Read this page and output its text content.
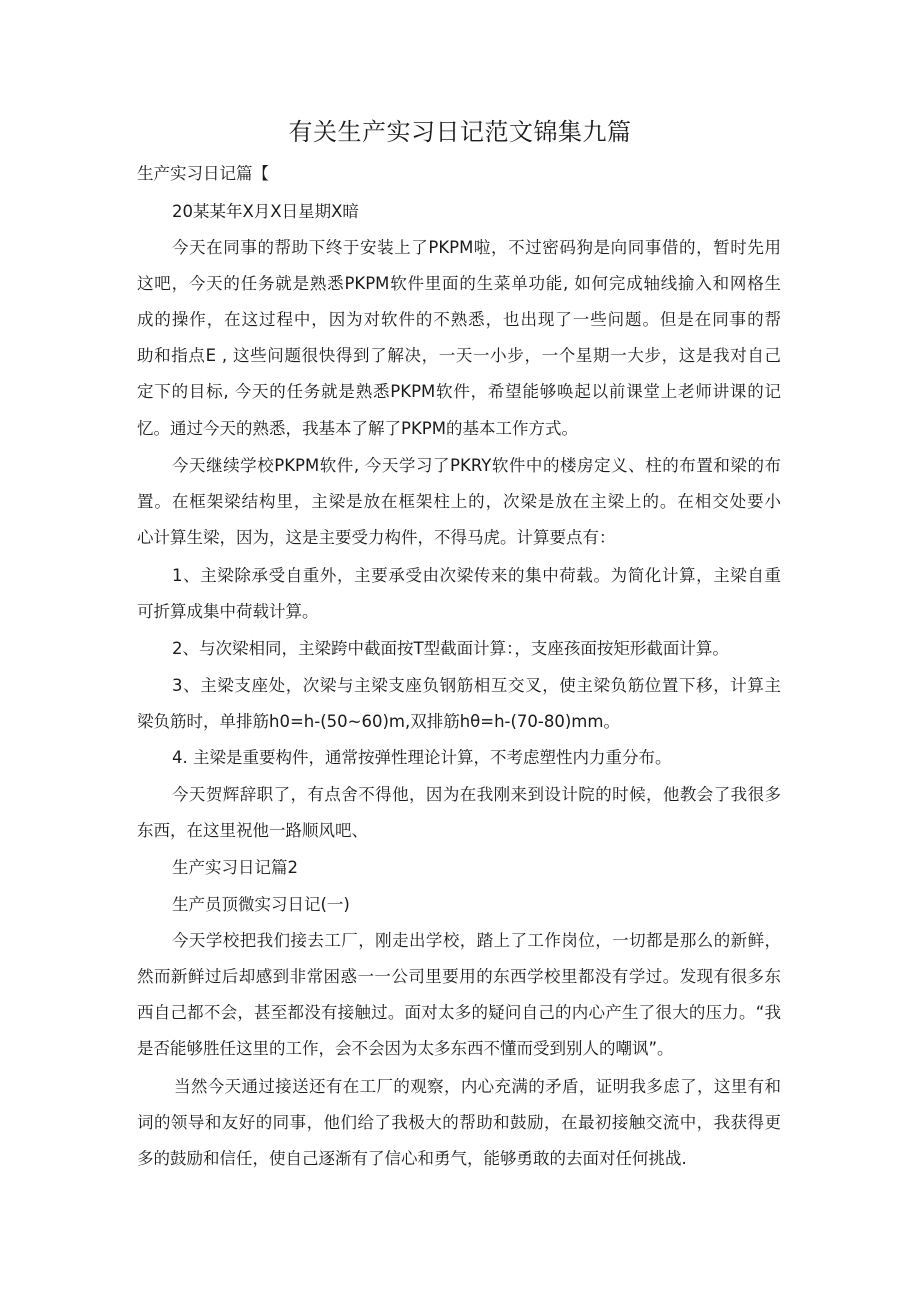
有关生产实习日记范文锦集九篇

生产实习日记篇【

20某某年X月X日星期X暗

今天在同事的帮助下终于安装上了PKPM啦，不过密码狗是向同事借的，暂时先用

这吧，今天的任务就是熟悉PKPM软件里面的生菜单功能, 如何完成轴线揄入和网格生

成的操作，在这过程中，因为对软件的不熟悉，也出现了一些问题。但是在同事的帮

助和指点E , 这些问题很快得到了解决，一天一小步，一个星期一大步，这是我对自己

定下的目标, 今天的任务就是熟悉PKPM软件，希望能够唤起以前课堂上老师讲课的记

忆。通过今天的熟悉，我基本了解了PKPM的基本工作方式。

今天继续学校PKPM软件, 今天学习了PKRY软件中的楼房定义、柱的布置和梁的布

置。在框架梁结构里，主梁是放在框架柱上的，次梁是放在主梁上的。在相交处要小

心计算生梁，因为，这是主要受力构件，不得马虎。计算要点有：

1、主梁除承受自重外，主要承受由次梁传来的集中荷载。为简化计算，主梁自重

可折算成集中荷载计算。

2、与次梁相同，主梁跨中截面按T型截面计算：，支座孩面按矩形截面计算。

3、主梁支座处，次梁与主梁支座负钢筋相互交叉，使主梁负筋位置下移，计算主

梁负筋时，单排筋h0=h-(50~60)m,双排筋hθ=h-(70-80)mm。

4. 主梁是重要构件，通常按弹性理论计算，不考虑塑性内力重分布。

今天贺辉辞职了，有点舍不得他，因为在我刚来到设计院的时候，他教会了我很多

东西，在这里祝他一路顺风吧、

生产实习日记篇2

生产员顶微实习日记(一)

今天学校把我们接去工厂，刚走出学校，踏上了工作岗位，一切都是那么的新鲜，

然而新鲜过后却感到非常困惑一一公司里要用的东西学校里都没有学过。发现有很多东

西自己都不会，甚至都没有接触过。面对太多的疑问自己的内心产生了很大的压力。“我

是否能够胜任这里的工作，会不会因为太多东西不懂而受到别人的嘲讽”。

当然今天通过接送还有在工厂的观察，内心充满的矛盾，证明我多虑了，这里有和

词的领导和友好的同事，他们给了我极大的帮助和鼓励，在最初接触交流中，我获得更

多的鼓励和信任，使自己逐渐有了信心和勇气，能够勇敢的去面对任何挑战.
